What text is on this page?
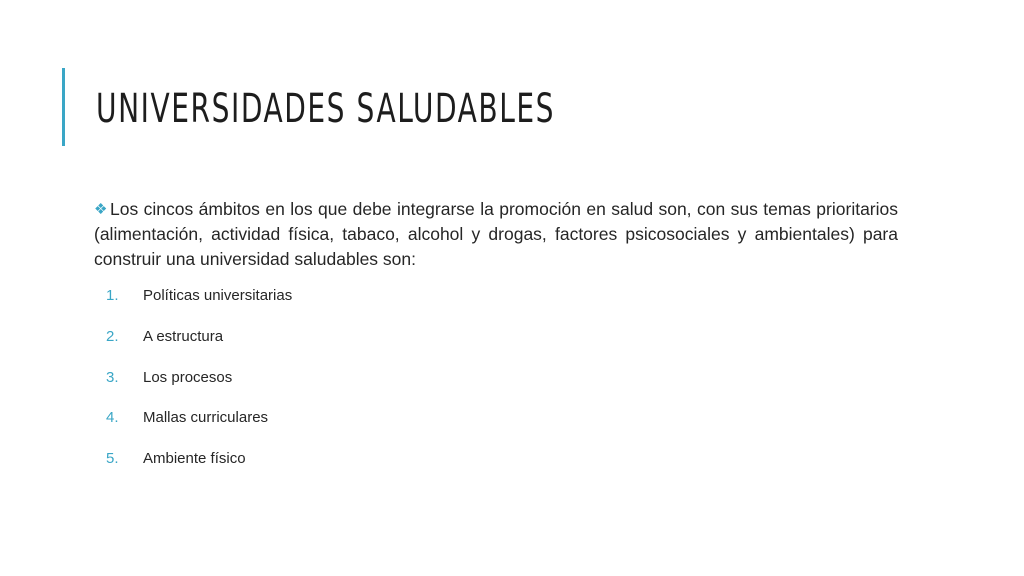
UNIVERSIDADES SALUDABLES

❖ Los cincos ámbitos en los que debe integrarse la promoción en salud son, con sus temas prioritarios (alimentación, actividad física, tabaco, alcohol y drogas, factores psicosociales y ambientales) para construir una universidad saludables son:

1. Políticas universitarias
2. A estructura
3. Los procesos
4. Mallas curriculares
5. Ambiente físico
